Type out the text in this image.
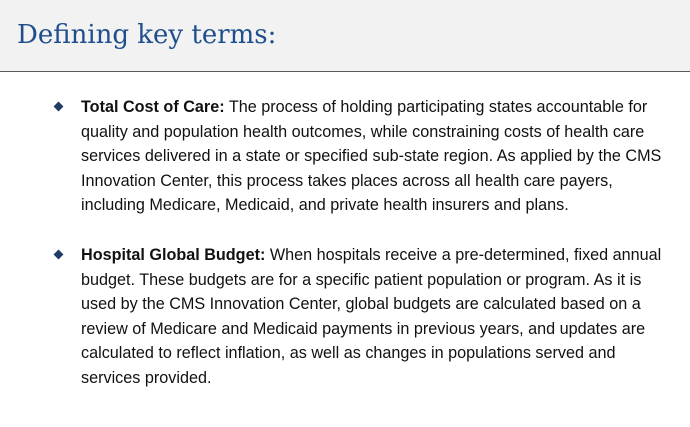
Defining key terms:

Total Cost of Care: The process of holding participating states accountable for quality and population health outcomes, while constraining costs of health care services delivered in a state or specified sub-state region. As applied by the CMS Innovation Center, this process takes places across all health care payers, including Medicare, Medicaid, and private health insurers and plans.

Hospital Global Budget: When hospitals receive a pre-determined, fixed annual budget. These budgets are for a specific patient population or program. As it is used by the CMS Innovation Center, global budgets are calculated based on a review of Medicare and Medicaid payments in previous years, and updates are calculated to reflect inflation, as well as changes in populations served and services provided.
